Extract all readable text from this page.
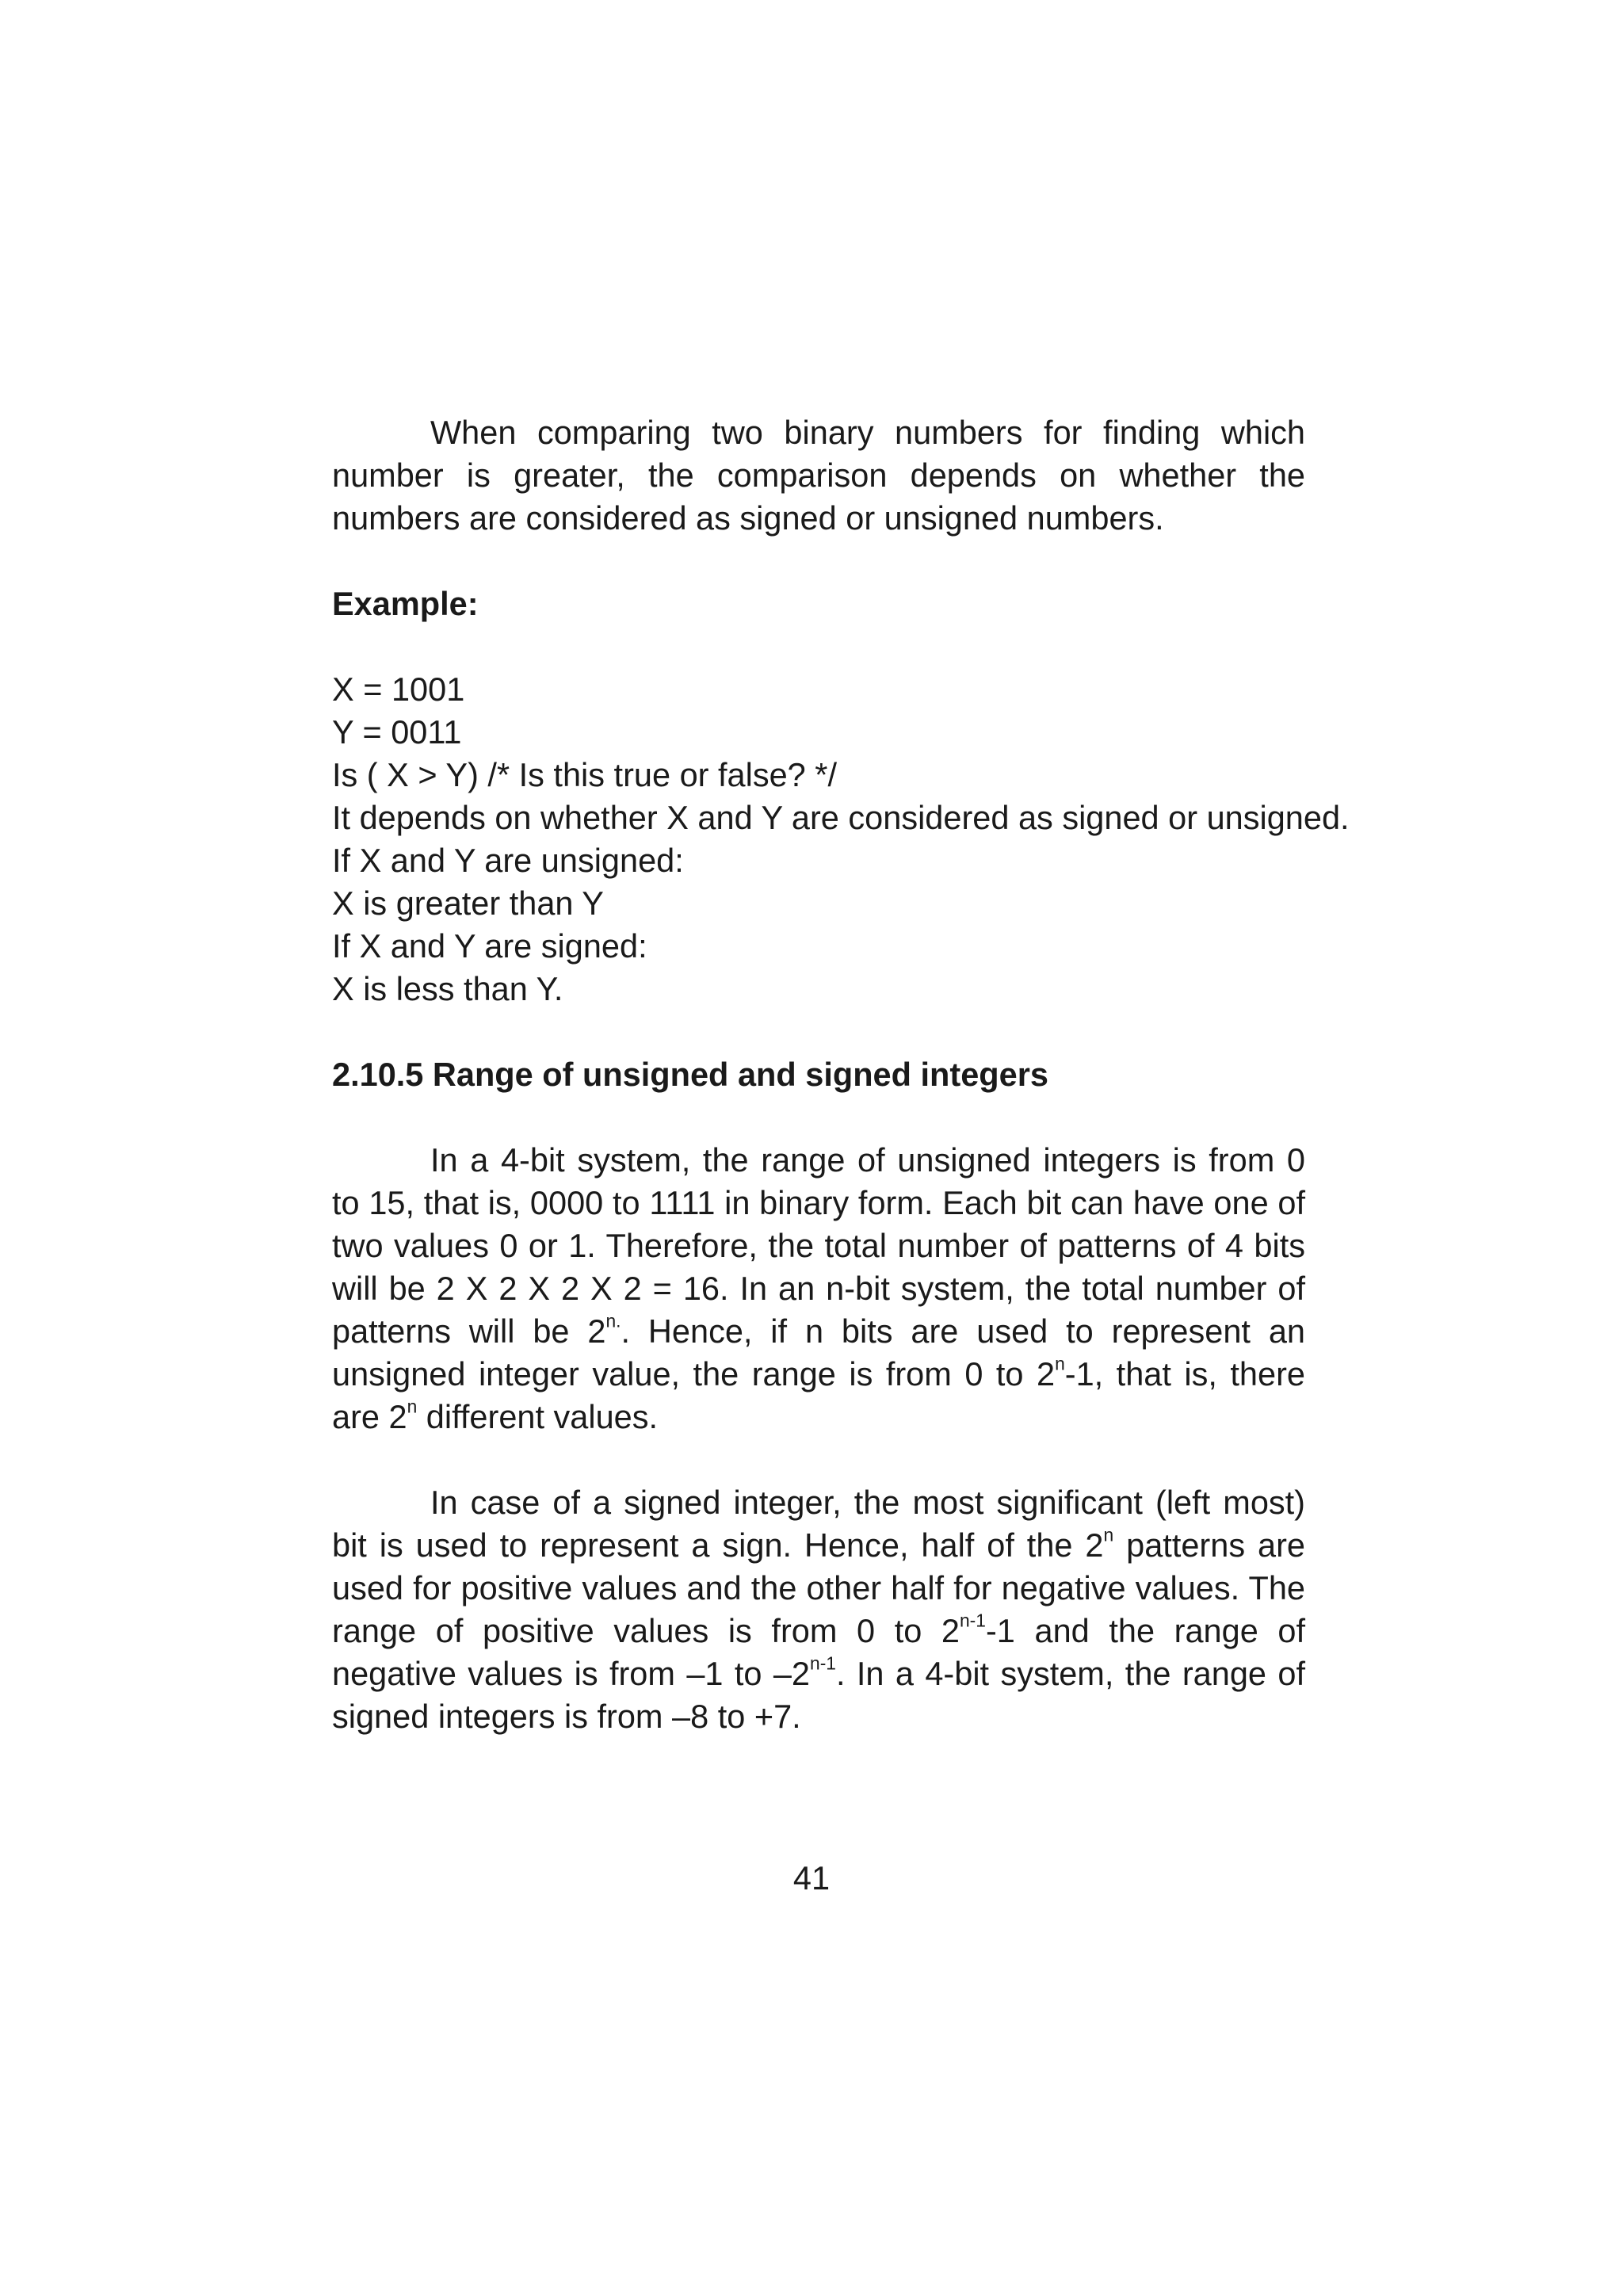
When comparing two binary numbers for finding which number is greater, the comparison depends on whether the numbers are considered as signed or unsigned numbers.

Example:

X = 1001

Y = 0011

Is ( X > Y) /* Is this true or false? */

It depends on whether X and Y are considered as signed or unsigned.

If X and Y are unsigned:

X is greater than Y

If X and Y are signed:

X is less than Y.

2.10.5 Range of unsigned and signed integers

In a 4-bit system, the range of unsigned integers is from 0 to 15, that is, 0000 to 1111 in binary form. Each bit can have one of two values 0 or 1. Therefore, the total number of patterns of 4 bits will be 2 X 2 X 2 X 2 = 16. In an n-bit system, the total number of patterns will be $2^{n.}$. Hence, if n bits are used to represent an unsigned integer value, the range is from 0 to 2$^n$-1, that is, there are 2$^n$ different values.

In case of a signed integer, the most significant (left most) bit is used to represent a sign. Hence, half of the 2$^n$ patterns are used for positive values and the other half for negative values. The range of positive values is from 0 to 2$^{n-1}$-1 and the range of negative values is from –1 to –2$^{n-1}$. In a 4-bit system, the range of signed integers is from –8 to +7.

41
